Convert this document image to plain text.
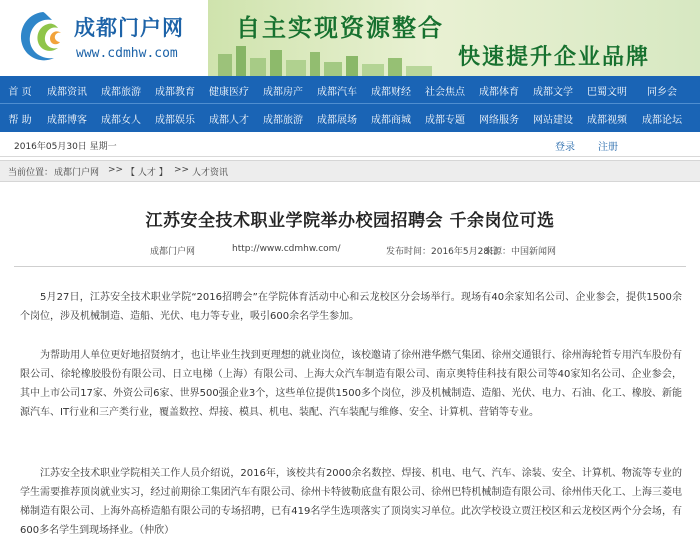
成都门户网
www.cdmhw.com
自主实现资源整合
快速提升企业品牌
首 页	成都资讯	成都旅游	成都教育	健康医疗	成都房产	成都汽车	成都财经	社会焦点	成都体育	成都文学	巴蜀文明	同乡会
帮 助	成都博客	成都女人	成都娱乐	成都人才	成都旅游	成都展场	成都商城	成都专题	网络服务	网站建设	成都视频	成都论坛
2016年05月30日 星期一	登录 注册
当前位置： 成都门户网 >> 【 人才 】 >> 人才资讯
江苏安全技术职业学院举办校园招聘会 千余岗位可选
成都门户网	http://www.cdmhw.com/	发布时间：2016年5月28日
来源：中国新闻网

5月27日，江苏安全技术职业学院“2016招聘会”在学院体育活动中心和云龙校区分会场举行。现场有40余家知名公司、企业参会，提供1500余个岗位，涉及机械制造、造船、光伏、电力等专业，吸引600余名学生参加。

为帮助用人单位更好地招贤纳才，也让毕业生找到更理想的就业岗位，该校邀请了徐州港华燃气集团、徐州交通银行、徐州海轮哲专用汽车股份有限公司、徐轮橡胶股份有限公司、日立电梯（上海）有限公司、上海大众汽车制造有限公司、南京奥特佳科技有限公司等40家知名公司、企业参会，其中上市公司17家、外资公司6家、世界500强企业3个，这些单位提供1500多个岗位，涉及机械制造、造船、光伏、电力、石油、化工、橡胶、新能源汽车、IT行业和三产类行业，覆盖数控、焊接、模具、机电、装配、汽车装配与维修、安全、计算机、营销等专业。

江苏安全技术职业学院相关工作人员介绍说，2016年，该校共有2000余名数控、焊接、机电、电气、汽车、涂装、安全、计算机、物流等专业的学生需要推荐顶岗就业实习，经过前期徐工集团汽车有限公司、徐州卡特彼勒底盘有限公司、徐州巴特机械制造有限公司、徐州伟天化工、上海三菱电梯制造有限公司、上海外高桥造船有限公司的专场招聘，已有419名学生选项落实了顶岗实习单位。此次学校设立贾汪校区和云龙校区两个分会场，有600多名学生到现场择业。（仲欣）
